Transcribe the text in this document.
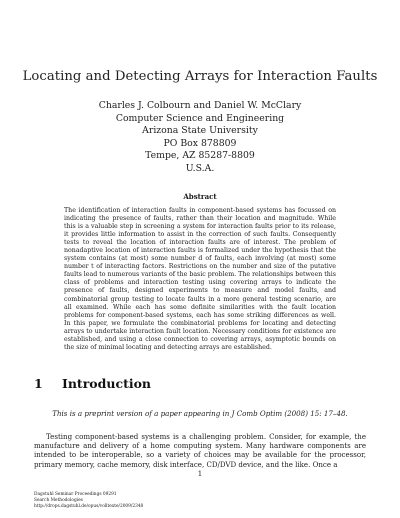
Locating and Detecting Arrays for Interaction Faults
Charles J. Colbourn and Daniel W. McClary
Computer Science and Engineering
Arizona State University
PO Box 878809
Tempe, AZ 85287-8809
U.S.A.
Abstract
The identification of interaction faults in component-based systems has focussed on indicating the presence of faults, rather than their location and magnitude. While this is a valuable step in screening a system for interaction faults prior to its release, it provides little information to assist in the correction of such faults. Consequently tests to reveal the location of interaction faults are of interest. The problem of nonadaptive location of interaction faults is formalized under the hypothesis that the system contains (at most) some number d of faults, each involving (at most) some number t of interacting factors. Restrictions on the number and size of the putative faults lead to numerous variants of the basic problem. The relationships between this class of problems and interaction testing using covering arrays to indicate the presence of faults, designed experiments to measure and model faults, and combinatorial group testing to locate faults in a more general testing scenario, are all examined. While each has some definite similarities with the fault location problems for component-based systems, each has some striking differences as well. In this paper, we formulate the combinatorial problems for locating and detecting arrays to undertake interaction fault location. Necessary conditions for existence are established, and using a close connection to covering arrays, asymptotic bounds on the size of minimal locating and detecting arrays are established.
1 Introduction
This is a preprint version of a paper appearing in J Comb Optim (2008) 15: 17–48.
Testing component-based systems is a challenging problem. Consider, for example, the manufacture and delivery of a home computing system. Many hardware components are intended to be interoperable, so a variety of choices may be available for the processor, primary memory, cache memory, disk interface, CD/DVD device, and the like. Once a
1
Dagstuhl Seminar Proceedings 09291
Search Methodologies
http://drops.dagstuhl.de/opus/volltexte/2009/2348
